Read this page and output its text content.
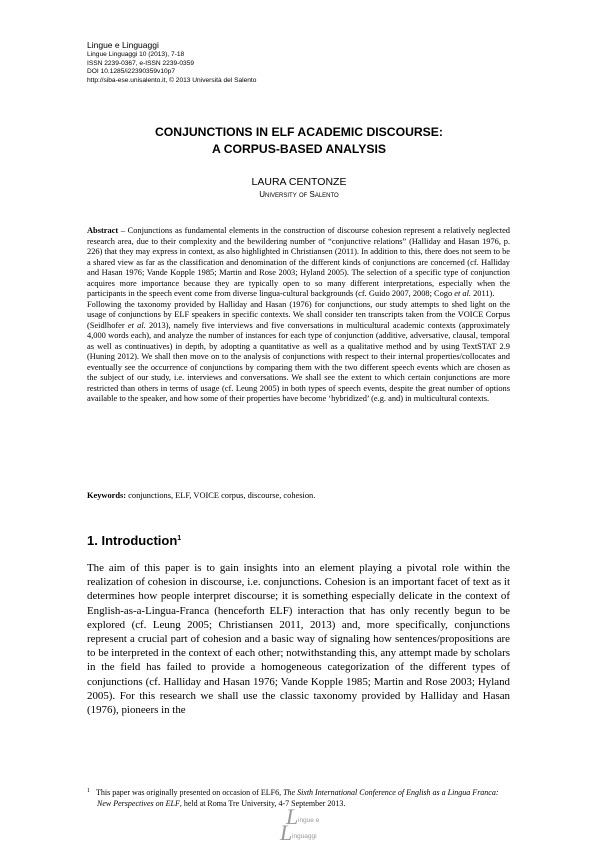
Lingue e Linguaggi

Lingue Linguaggi 10 (2013), 7-18

ISSN 2239-0367, e-ISSN 2239-0359

DOI 10.1285/i22390359v10p7

http://siba-ese.unisalento.it, © 2013 Università del Salento

CONJUNCTIONS IN ELF ACADEMIC DISCOURSE:
A CORPUS-BASED ANALYSIS

LAURA CENTONZE

University of Salento

Abstract – Conjunctions as fundamental elements in the construction of discourse cohesion represent a relatively neglected research area, due to their complexity and the bewildering number of “conjunctive relations” (Halliday and Hasan 1976, p. 226) that they may express in context, as also highlighted in Christiansen (2011). In addition to this, there does not seem to be a shared view as far as the classification and denomination of the different kinds of conjunctions are concerned (cf. Halliday and Hasan 1976; Vande Kopple 1985; Martin and Rose 2003; Hyland 2005). The selection of a specific type of conjunction acquires more importance because they are typically open to so many different interpretations, especially when the participants in the speech event come from diverse lingua-cultural backgrounds (cf. Guido 2007, 2008; Cogo et al. 2011).

Following the taxonomy provided by Halliday and Hasan (1976) for conjunctions, our study attempts to shed light on the usage of conjunctions by ELF speakers in specific contexts. We shall consider ten transcripts taken from the VOICE Corpus (Seidlhofer et al. 2013), namely five interviews and five conversations in multicultural academic contexts (approximately 4,000 words each), and analyze the number of instances for each type of conjunction (additive, adversative, clausal, temporal as well as continuatives) in depth, by adopting a quantitative as well as a qualitative method and by using TextSTAT 2.9 (Huning 2012). We shall then move on to the analysis of conjunctions with respect to their internal properties/collocates and eventually see the occurrence of conjunctions by comparing them with the two different speech events which are chosen as the subject of our study, i.e. interviews and conversations. We shall see the extent to which certain conjunctions are more restricted than others in terms of usage (cf. Leung 2005) in both types of speech events, despite the great number of options available to the speaker, and how some of their properties have become ‘hybridized’ (e.g. and) in multicultural contexts.

Keywords: conjunctions, ELF, VOICE corpus, discourse, cohesion.

1. Introduction$^1$

The aim of this paper is to gain insights into an element playing a pivotal role within the realization of cohesion in discourse, i.e. conjunctions. Cohesion is an important facet of text as it determines how people interpret discourse; it is something especially delicate in the context of English-as-a-Lingua-Franca (henceforth ELF) interaction that has only recently begun to be explored (cf. Leung 2005; Christiansen 2011, 2013) and, more specifically, conjunctions represent a crucial part of cohesion and a basic way of signaling how sentences/propositions are to be interpreted in the context of each other; notwithstanding this, any attempt made by scholars in the field has failed to provide a homogeneous categorization of the different types of conjunctions (cf. Halliday and Hasan 1976; Vande Kopple 1985; Martin and Rose 2003; Hyland 2005). For this research we shall use the classic taxonomy provided by Halliday and Hasan (1976), pioneers in the

$^1$ This paper was originally presented on occasion of ELF6, The Sixth International Conference of English as a Lingua Franca: New Perspectives on ELF, held at Roma Tre University, 4-7 September 2013.

L ingue e
L inguaggi
